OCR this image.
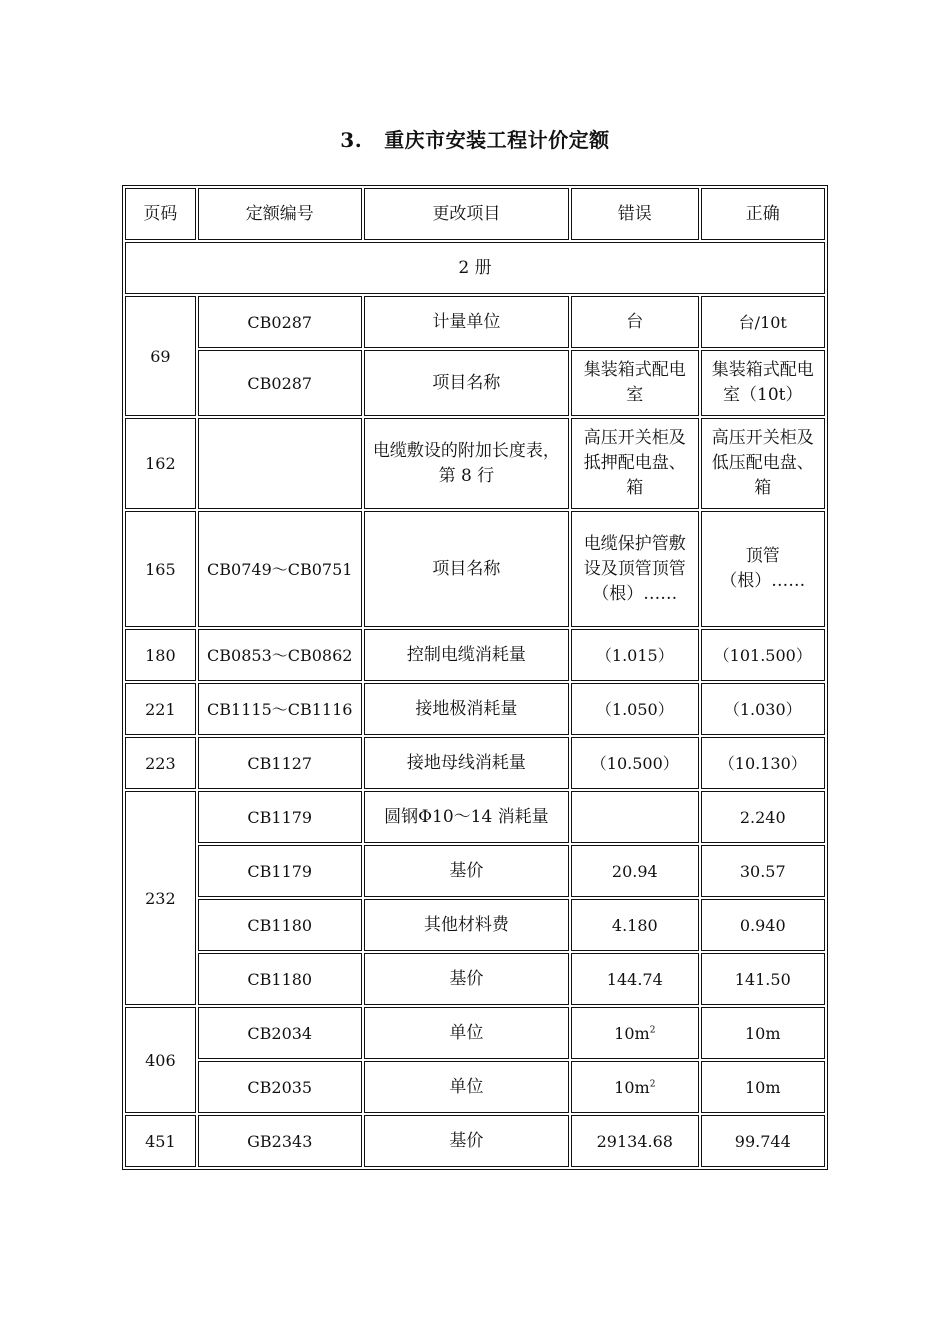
3. 重庆市安装工程计价定额
页码	定额编号	更改项目	错误	正确
2 册				
69	CB0287	计量单位	台	台/10t
	CB0287	项目名称	集装箱式配电室	集装箱式配电室（10t）
162		电缆敷设的附加长度表，第 8 行	高压开关柜及抵押配电盘、箱	高压开关柜及低压配电盘、箱
165	CB0749～CB0751	项目名称	电缆保护管敷设及顶管顶管（根）……	顶管（根）……
180	CB0853～CB0862	控制电缆消耗量	（1.015）	（101.500）
221	CB1115～CB1116	接地极消耗量	（1.050）	（1.030）
223	CB1127	接地母线消耗量	（10.500）	（10.130）
232	CB1179	圆钢Φ10～14 消耗量		2.240
	CB1179	基价	20.94	30.57
	CB1180	其他材料费	4.180	0.940
	CB1180	基价	144.74	141.50
406	CB2034	单位	$10m^2$	10m
	CB2035	单位	$10m^2$	10m
451	GB2343	基价	29134.68	99.744
